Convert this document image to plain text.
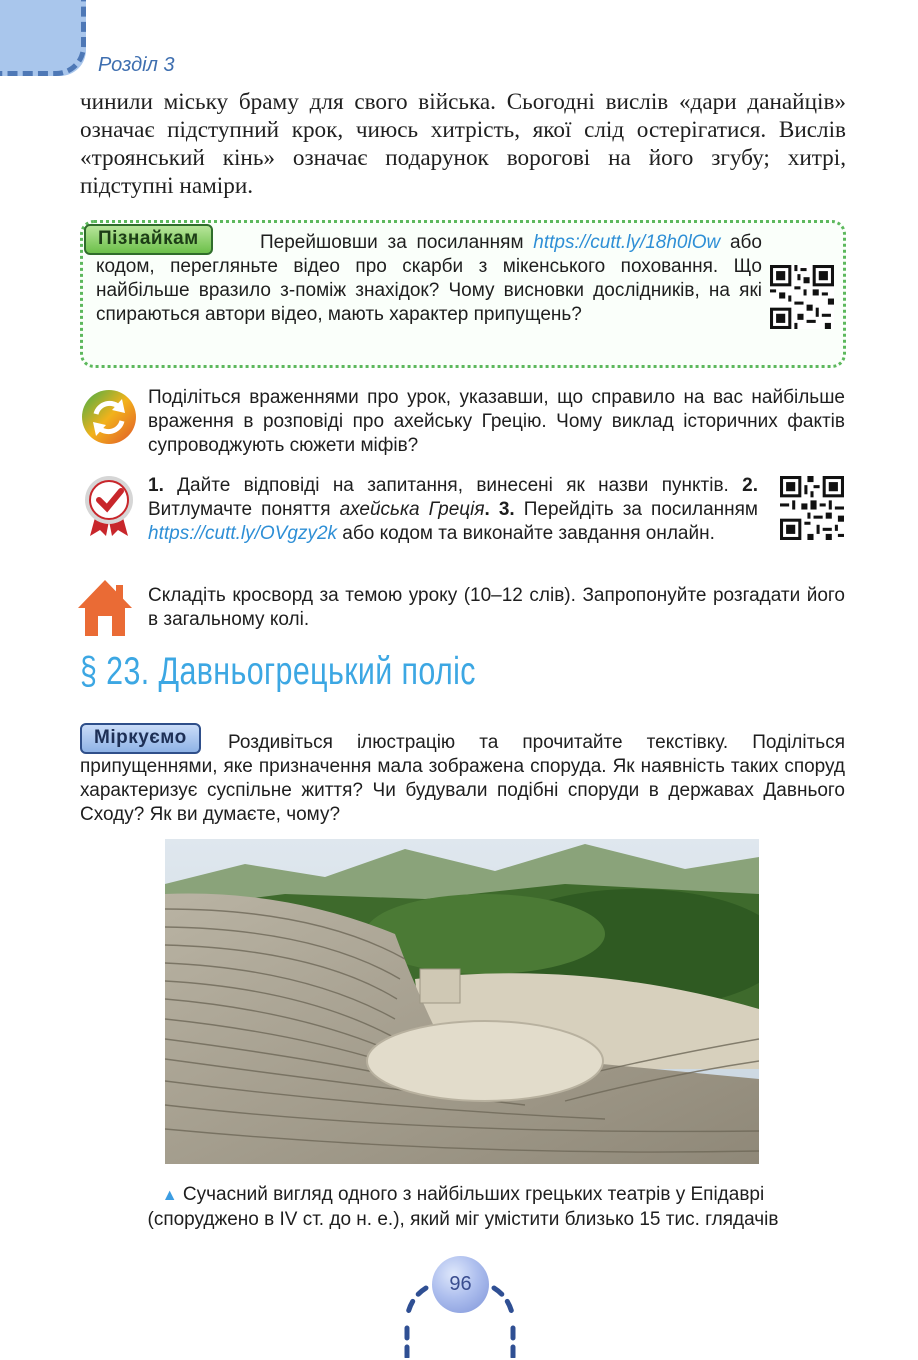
Розділ 3
чинили міську браму для свого війська. Сьогодні вислів «дари данайців» означає підступний крок, чиюсь хитрість, якої слід остерігатися. Вислів «троянський кінь» означає подарунок ворогові на його згубу; хитрі, підступні наміри.
Перейшовши за посиланням https://cutt.ly/18h0lOw або кодом, перегляньте відео про скарби з мікенського поховання. Що найбільше вразило з-поміж знахідок? Чому висновки дослідників, на які спираються автори відео, мають характер припущень?
Пізнайкам
Поділіться враженнями про урок, указавши, що справило на вас найбільше враження в розповіді про ахейську Грецію. Чому виклад історичних фактів супроводжують сюжети міфів?
1. Дайте відповіді на запитання, винесені як назви пунктів. 2. Витлумачте поняття ахейська Греція. 3. Перейдіть за посиланням https://cutt.ly/OVgzy2k або кодом та виконайте завдання онлайн.
Складіть кросворд за темою уроку (10–12 слів). Запропонуйте розгадати його в загальному колі.
§ 23. Давньогрецький поліс
Роздивіться ілюстрацію та прочитайте текстівку. Поділіться припущеннями, яке призначення мала зображена споруда. Як наявність таких споруд характеризує суспільне життя? Чи будували подібні споруди в державах Давнього Сходу? Як ви думаєте, чому?
Міркуємо
▲ Сучасний вигляд одного з найбільших грецьких театрів у Епідаврі
(споруджено в IV ст. до н. е.), який міг умістити близько 15 тис. глядачів
96
